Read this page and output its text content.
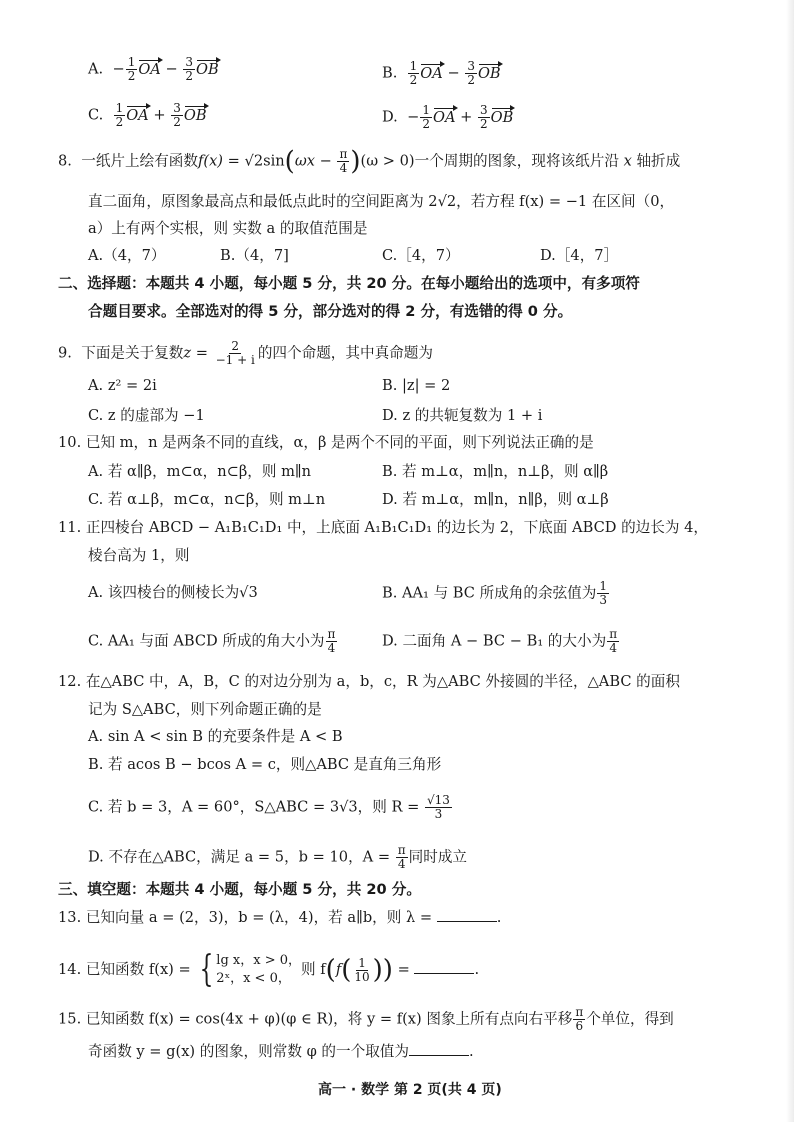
A. − $\frac{1}{2}$ OA − $\frac{3}{2}$ OB	B. $\frac{1}{2}$ OA − $\frac{3}{2}$ OB
C. $\frac{1}{2}$ OA + $\frac{3}{2}$ OB	D. − $\frac{1}{2}$ OA + $\frac{3}{2}$ OB
8. 一纸片上绘有函数$f(x) = √2\sin(\omega x - \frac{\pi}{4} )(\omega > 0)$一个周期的图象，现将该纸片沿 x 轴折成
直二面角，原图象最高点和最低点此时的空间距离为 2√2，若方程 f(x) = −1 在区间（0，
a）上有两个实根，则 实数 a 的取值范围是
A.（4，7）	B.（4，7]	C.［4，7）	D.［4，7］
二、选择题：本题共 4 小题，每小题 5 分，共 20 分。在每小题给出的选项中，有多项符
合题目要求。全部选对的得 5 分，部分选对的得 2 分，有选错的得 0 分。
9. 下面是关于复数$z = \frac{2}{-1 + i}$ 的四个命题，其中真命题为
A. z² = 2i	B. |z| = 2
C. z 的虚部为 −1	D. z 的共轭复数为 1 + i
10. 已知 m，n 是两条不同的直线，α，β 是两个不同的平面，则下列说法正确的是
A. 若 α∥β，m⊂α，n⊂β，则 m∥n	B. 若 m⊥α，m∥n，n⊥β，则 α∥β
C. 若 α⊥β，m⊂α，n⊂β，则 m⊥n	D. 若 m⊥α，m∥n，n∥β，则 α⊥β
11. 正四棱台 ABCD − A₁B₁C₁D₁ 中，上底面 A₁B₁C₁D₁ 的边长为 2，下底面 ABCD 的边长为 4，
棱台高为 1，则
A. 该四棱台的侧棱长为√3	B. AA₁ 与 BC 所成角的余弦值为 $\frac{1}{3}$
C. AA₁ 与面 ABCD 所成的角大小为 $\frac{\pi}{4}$	D. 二面角 A − BC − B₁ 的大小为 $\frac{\pi}{4}$
12. 在△ABC 中，A，B，C 的对边分别为 a，b，c，R 为△ABC 外接圆的半径，△ABC 的面积
记为 S△ABC，则下列命题正确的是
A. sin A < sin B 的充要条件是 A < B
B. 若 acos B − bcos A = c，则△ABC 是直角三角形
C. 若 b = 3，A = 60°，S△ABC = 3√3，则 $R = \frac{√13}{3}$
D. 不存在△ABC，满足 a = 5，b = 10，$A = \frac{\pi}{4}$ 同时成立
三、填空题：本题共 4 小题，每小题 5 分，共 20 分。
13. 已知向量 a = (2，3)，b = (λ，4)，若 a∥b，则 λ =	.
14. 已知函数 f(x) = { lg x，x > 0，
2ˣ，x < 0，
则 $f(f( \frac{1}{10}$ )) =	.
15. 已知函数 f(x) = cos(4x + φ)(φ ∈ R)，将 y = f(x) 图象上所有点向右平移 $\frac{\pi}{6}$ 个单位，得到
奇函数 y = g(x) 的图象，则常数 φ 的一个取值为	.
高一 · 数学 第 2 页(共 4 页)
